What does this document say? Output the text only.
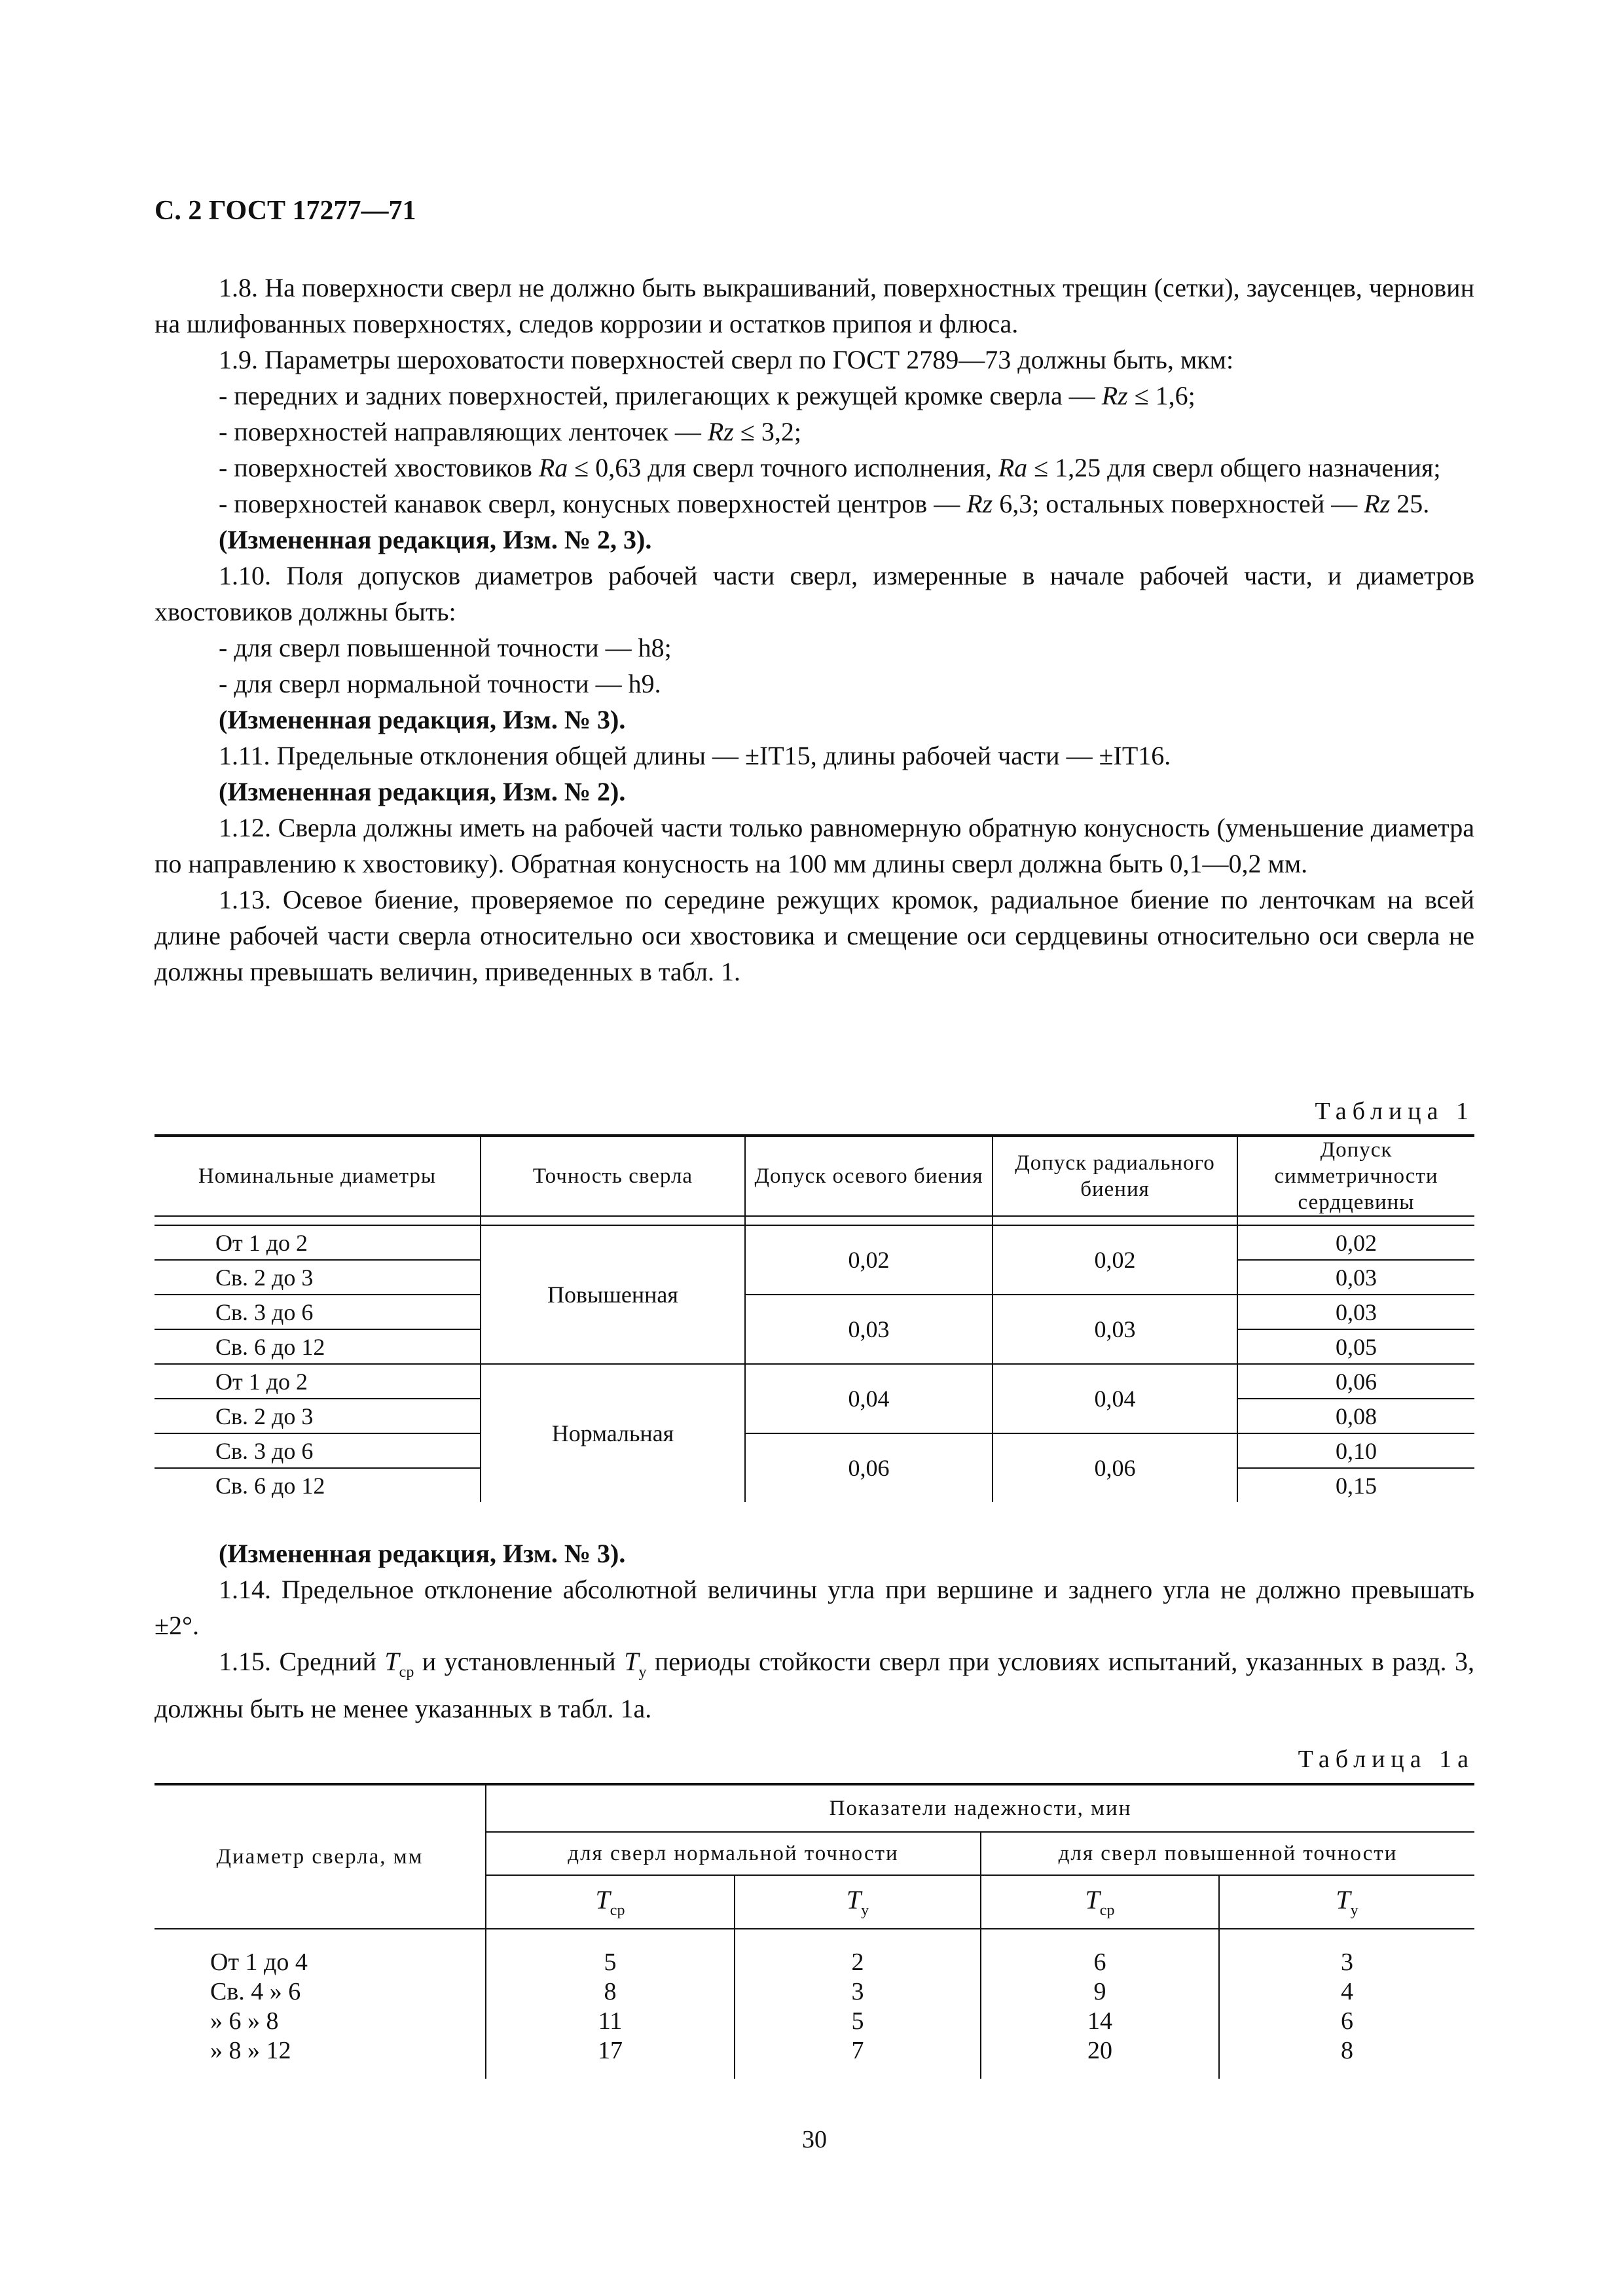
С. 2 ГОСТ 17277—71

1.8. На поверхности сверл не должно быть выкрашиваний, поверхностных трещин (сетки), заусенцев, черновин на шлифованных поверхностях, следов коррозии и остатков припоя и флюса.

1.9. Параметры шероховатости поверхностей сверл по ГОСТ 2789—73 должны быть, мкм:

- передних и задних поверхностей, прилегающих к режущей кромке сверла — Rz ≤ 1,6;

- поверхностей направляющих ленточек — Rz ≤ 3,2;

- поверхностей хвостовиков Ra ≤ 0,63 для сверл точного исполнения, Ra ≤ 1,25 для сверл общего назначения;

- поверхностей канавок сверл, конусных поверхностей центров — Rz 6,3; остальных поверхностей — Rz 25.

(Измененная редакция, Изм. № 2, 3).

1.10. Поля допусков диаметров рабочей части сверл, измеренные в начале рабочей части, и диаметров хвостовиков должны быть:

- для сверл повышенной точности — h8;

- для сверл нормальной точности — h9.

(Измененная редакция, Изм. № 3).

1.11. Предельные отклонения общей длины — ±IT15, длины рабочей части — ±IT16.

(Измененная редакция, Изм. № 2).

1.12. Сверла должны иметь на рабочей части только равномерную обратную конусность (уменьшение диаметра по направлению к хвостовику). Обратная конусность на 100 мм длины сверл должна быть 0,1—0,2 мм.

1.13. Осевое биение, проверяемое по середине режущих кромок, радиальное биение по ленточкам на всей длине рабочей части сверла относительно оси хвостовика и смещение оси сердцевины относительно оси сверла не должны превышать величин, приведенных в табл. 1.

Таблица 1
Номинальные диаметры	Точность сверла	Допуск осевого биения	Допуск радиального биения	Допуск симметричности сердцевины

От 1 до 2	Повышенная	0,02	0,02	0,02
Св. 2 до 3				0,03
Св. 3 до 6		0,03	0,03	0,03
Св. 6 до 12				0,05
От 1 до 2	Нормальная	0,04	0,04	0,06
Св. 2 до 3				0,08
Св. 3 до 6		0,06	0,06	0,10
Св. 6 до 12				0,15

(Измененная редакция, Изм. № 3).

1.14. Предельное отклонение абсолютной величины угла при вершине и заднего угла не должно превышать ±2°.

1.15. Средний $T_{ср}$ и установленный $T_у$ периоды стойкости сверл при условиях испытаний, указанных в разд. 3, должны быть не менее указанных в табл. 1а.

Таблица 1а
Диаметр сверла, мм	Показатели надежности, мин			
	для сверл нормальной точности		для сверл повышенной точности	
	$T_{ср}$	$T_у$	$T_{ср}$	$T_у$

От 1 до 4	5	2	6	3
Св. 4 » 6	8	3	9	4
» 6 » 8	11	5	14	6
» 8 » 12	17	7	20	8
30
